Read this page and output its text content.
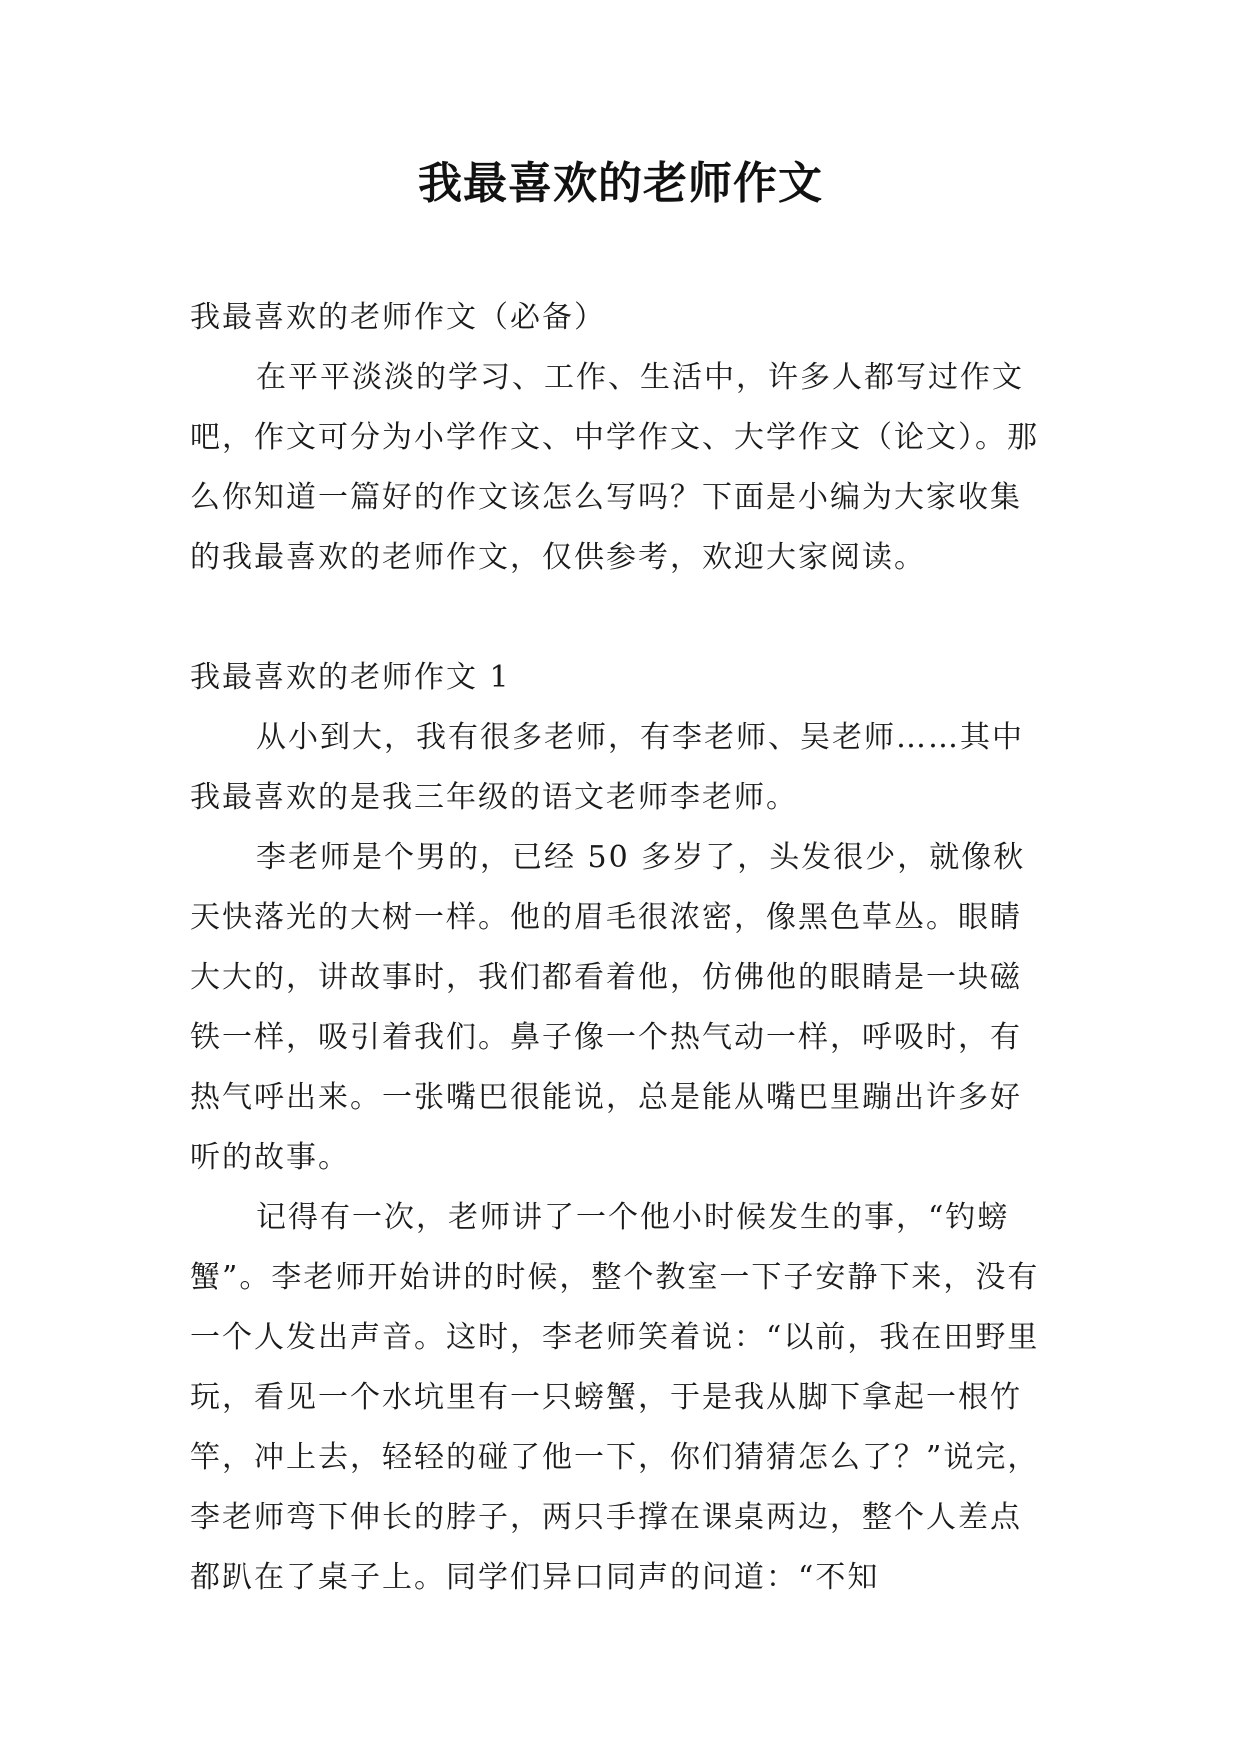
我最喜欢的老师作文

我最喜欢的老师作文（必备）

在平平淡淡的学习、工作、生活中，许多人都写过作文吧，作文可分为小学作文、中学作文、大学作文（论文）。那么你知道一篇好的作文该怎么写吗？下面是小编为大家收集的我最喜欢的老师作文，仅供参考，欢迎大家阅读。

我最喜欢的老师作文 1

从小到大，我有很多老师，有李老师、吴老师……其中我最喜欢的是我三年级的语文老师李老师。

李老师是个男的，已经 50 多岁了，头发很少，就像秋天快落光的大树一样。他的眉毛很浓密，像黑色草丛。眼睛大大的，讲故事时，我们都看着他，仿佛他的眼睛是一块磁铁一样，吸引着我们。鼻子像一个热气动一样，呼吸时，有热气呼出来。一张嘴巴很能说，总是能从嘴巴里蹦出许多好听的故事。

记得有一次，老师讲了一个他小时候发生的事，“钓螃蟹”。李老师开始讲的时候，整个教室一下子安静下来，没有一个人发出声音。这时，李老师笑着说：“以前，我在田野里玩，看见一个水坑里有一只螃蟹，于是我从脚下拿起一根竹竿，冲上去，轻轻的碰了他一下，你们猜猜怎么了？”说完，李老师弯下伸长的脖子，两只手撑在课桌两边，整个人差点都趴在了桌子上。同学们异口同声的问道：“不知
